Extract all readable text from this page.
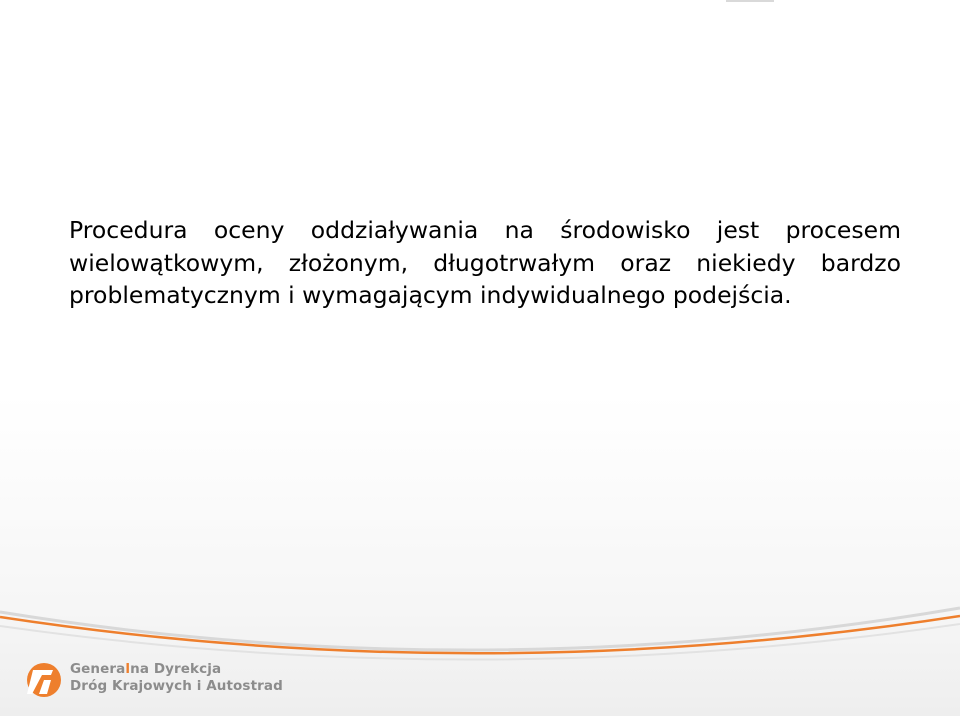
Procedura oceny oddziaływania na środowisko jest procesem wielowątkowym, złożonym, długotrwałym oraz niekiedy bardzo problematycznym i wymagającym indywidualnego podejścia.

Generalna Dyrekcja
Dróg Krajowych i Autostrad
